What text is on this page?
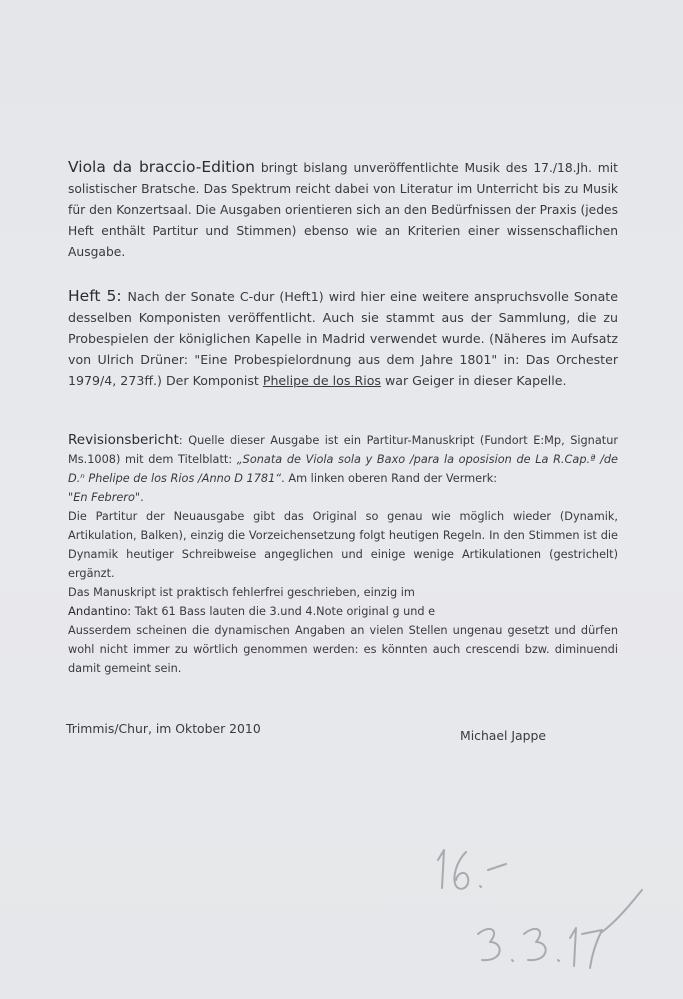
Viola da braccio-Edition bringt bislang unveröffentlichte Musik des 17./18.Jh. mit solistischer Bratsche. Das Spektrum reicht dabei von Literatur im Unterricht bis zu Musik für den Konzertsaal. Die Ausgaben orientieren sich an den Bedürfnissen der Praxis (jedes Heft enthält Partitur und Stimmen) ebenso wie an Kriterien einer wissenschaflichen Ausgabe.

Heft 5: Nach der Sonate C-dur (Heft1) wird hier eine weitere anspruchsvolle Sonate desselben Komponisten veröffentlicht. Auch sie stammt aus der Sammlung, die zu Probespielen der königlichen Kapelle in Madrid verwendet wurde. (Näheres im Aufsatz von Ulrich Drüner: "Eine Probespielordnung aus dem Jahre 1801" in: Das Orchester 1979/4, 273ff.) Der Komponist Phelipe de los Rios war Geiger in dieser Kapelle.

Revisionsbericht: Quelle dieser Ausgabe ist ein Partitur-Manuskript (Fundort E:Mp, Signatur Ms.1008) mit dem Titelblatt: „Sonata de Viola sola y Baxo /para la oposision de La R.Cap.ª /de D.ⁿ Phelipe de los Rios /Anno D 1781“. Am linken oberen Rand der Vermerk:
"En Febrero".

Die Partitur der Neuausgabe gibt das Original so genau wie möglich wieder (Dynamik, Artikulation, Balken), einzig die Vorzeichensetzung folgt heutigen Regeln. In den Stimmen ist die Dynamik heutiger Schreibweise angeglichen und einige wenige Artikulationen (gestrichelt) ergänzt.

Das Manuskript ist praktisch fehlerfrei geschrieben, einzig im

Andantino: Takt 61 Bass lauten die 3.und 4.Note original g und e

Ausserdem scheinen die dynamischen Angaben an vielen Stellen ungenau gesetzt und dürfen wohl nicht immer zu wörtlich genommen werden: es könnten auch crescendi bzw. diminuendi damit gemeint sein.

Trimmis/Chur, im Oktober 2010	Michael Jappe
